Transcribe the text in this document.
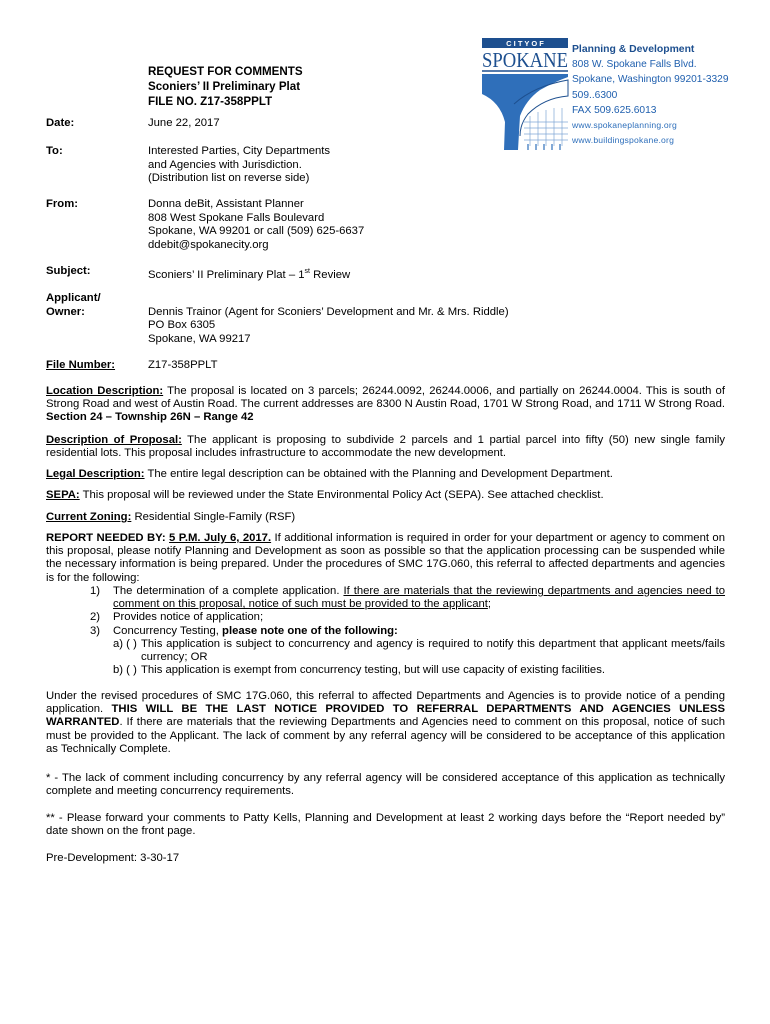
C I T Y O F
SPOKANE Planning & Development
808 W. Spokane Falls Blvd.
Spokane, Washington 99201-3329
509..6300
FAX 509.625.6013
www.spokaneplanning.org
www.buildingspokane.org
REQUEST FOR COMMENTS
Sconiers’ II Preliminary Plat
FILE NO. Z17-358PPLT
Date:	June 22, 2017
To:	Interested Parties, City Departments
and Agencies with Jurisdiction.
(Distribution list on reverse side)
From:	Donna deBit, Assistant Planner
808 West Spokane Falls Boulevard
Spokane, WA 99201 or call (509) 625-6637
ddebit@spokanecity.org
Subject:	Sconiers’ II Preliminary Plat – 1st Review
Applicant/
Owner:	Dennis Trainor (Agent for Sconiers’ Development and Mr. & Mrs. Riddle)
PO Box 6305
Spokane, WA 99217
File Number:	Z17-358PPLT
Location Description: The proposal is located on 3 parcels; 26244.0092, 26244.0006, and partially on 26244.0004. This is south of Strong Road and west of Austin Road. The current addresses are 8300 N Austin Road, 1701 W Strong Road, and 1711 W Strong Road. Section 24 – Township 26N – Range 42
Description of Proposal: The applicant is proposing to subdivide 2 parcels and 1 partial parcel into fifty (50) new single family residential lots. This proposal includes infrastructure to accommodate the new development.
Legal Description: The entire legal description can be obtained with the Planning and Development Department.
SEPA: This proposal will be reviewed under the State Environmental Policy Act (SEPA). See attached checklist.
Current Zoning: Residential Single-Family (RSF)
REPORT NEEDED BY: 5 P.M. July 6, 2017. If additional information is required in order for your department or agency to comment on this proposal, please notify Planning and Development as soon as possible so that the application processing can be suspended while the necessary information is being prepared. Under the procedures of SMC 17G.060, this referral to affected departments and agencies is for the following:
1) The determination of a complete application. If there are materials that the reviewing departments and agencies need to comment on this proposal, notice of such must be provided to the applicant;
2) Provides notice of application;
3) Concurrency Testing, please note one of the following:
a) ( ) This application is subject to concurrency and agency is required to notify this department that applicant meets/fails currency; OR
b) ( ) This application is exempt from concurrency testing, but will use capacity of existing facilities.
Under the revised procedures of SMC 17G.060, this referral to affected Departments and Agencies is to provide notice of a pending application. THIS WILL BE THE LAST NOTICE PROVIDED TO REFERRAL DEPARTMENTS AND AGENCIES UNLESS WARRANTED. If there are materials that the reviewing Departments and Agencies need to comment on this proposal, notice of such must be provided to the Applicant. The lack of comment by any referral agency will be considered to be acceptance of this application as Technically Complete.
* - The lack of comment including concurrency by any referral agency will be considered acceptance of this application as technically complete and meeting concurrency requirements.
** - Please forward your comments to Patty Kells, Planning and Development at least 2 working days before the “Report needed by” date shown on the front page.
Pre-Development: 3-30-17
